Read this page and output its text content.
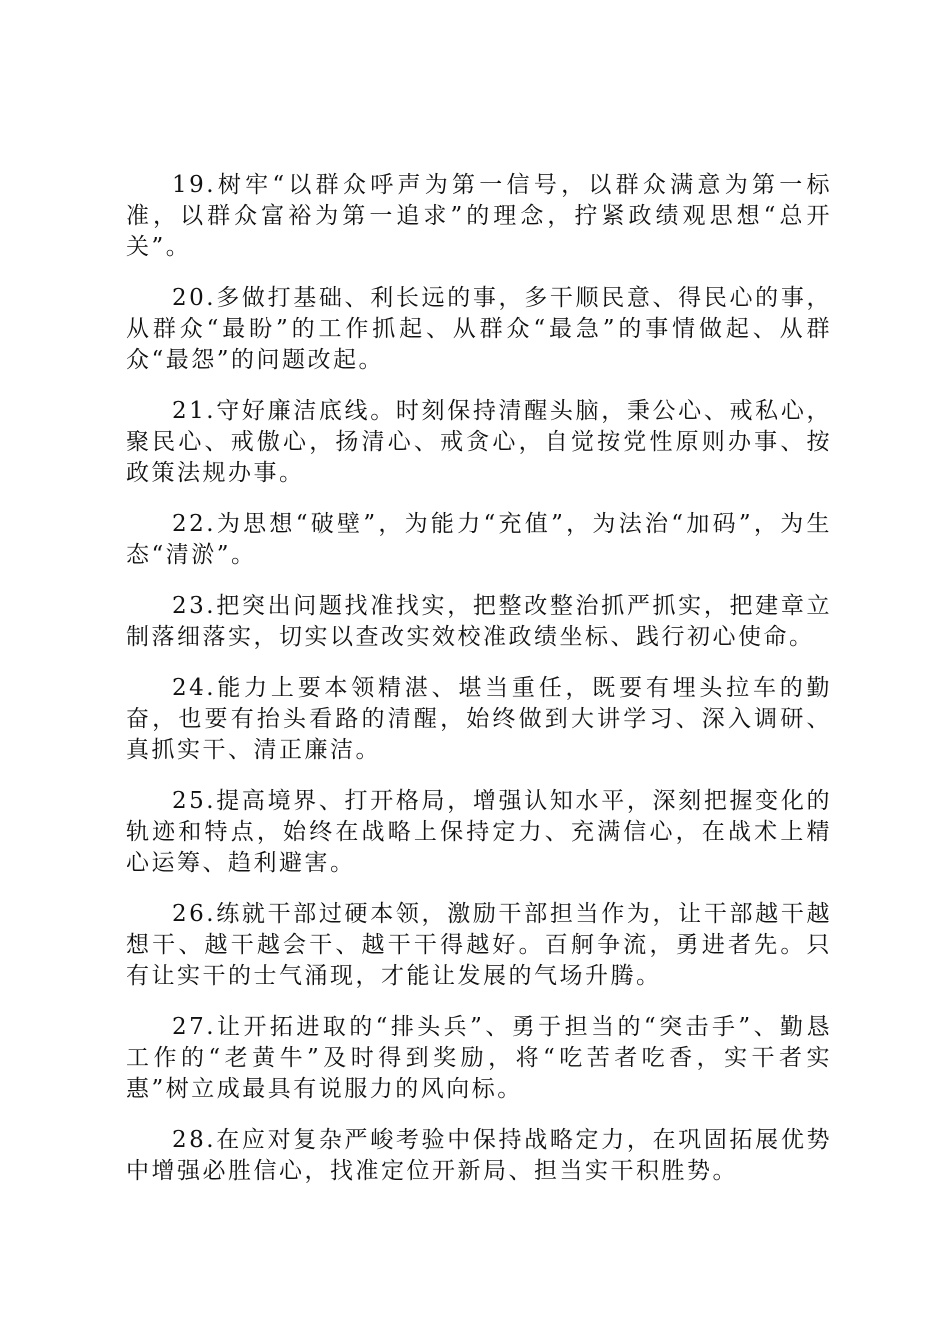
19.树牢“以群众呼声为第一信号，以群众满意为第一标准，以群众富裕为第一追求”的理念，拧紧政绩观思想“总开关”。

20.多做打基础、利长远的事，多干顺民意、得民心的事，从群众“最盼”的工作抓起、从群众“最急”的事情做起、从群众“最怨”的问题改起。

21.守好廉洁底线。时刻保持清醒头脑，秉公心、戒私心，聚民心、戒傲心，扬清心、戒贪心，自觉按党性原则办事、按政策法规办事。

22.为思想“破壁”，为能力“充值”，为法治“加码”，为生态“清淤”。

23.把突出问题找准找实，把整改整治抓严抓实，把建章立制落细落实，切实以查改实效校准政绩坐标、践行初心使命。

24.能力上要本领精湛、堪当重任，既要有埋头拉车的勤奋，也要有抬头看路的清醒，始终做到大讲学习、深入调研、真抓实干、清正廉洁。

25.提高境界、打开格局，增强认知水平，深刻把握变化的轨迹和特点，始终在战略上保持定力、充满信心，在战术上精心运筹、趋利避害。

26.练就干部过硬本领，激励干部担当作为，让干部越干越想干、越干越会干、越干干得越好。百舸争流，勇进者先。只有让实干的士气涌现，才能让发展的气场升腾。

27.让开拓进取的“排头兵”、勇于担当的“突击手”、勤恳工作的“老黄牛”及时得到奖励，将“吃苦者吃香，实干者实惠”树立成最具有说服力的风向标。

28.在应对复杂严峻考验中保持战略定力，在巩固拓展优势中增强必胜信心，找准定位开新局、担当实干积胜势。
